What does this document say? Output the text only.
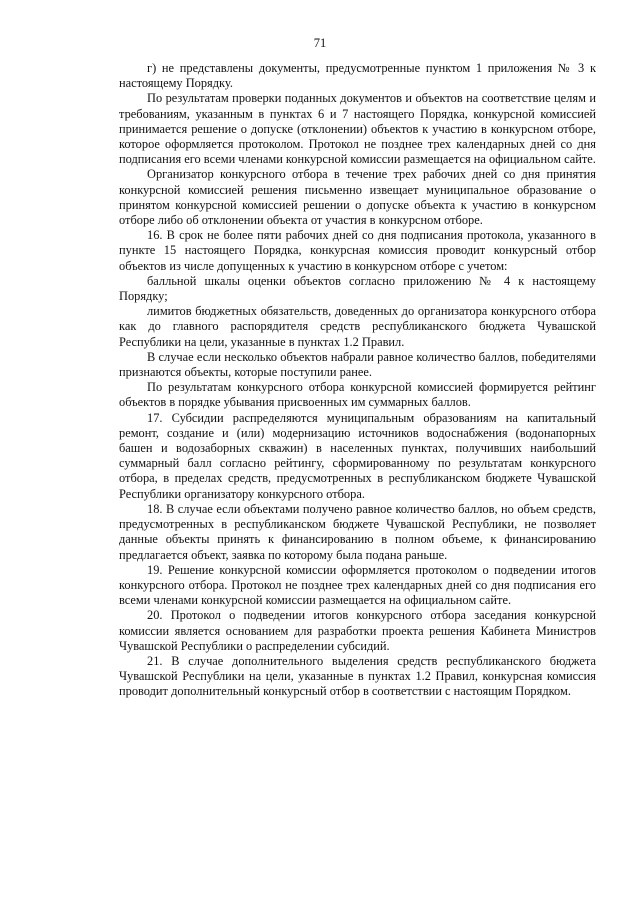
71

г) не представлены документы, предусмотренные пунктом 1 приложения № 3 к настоящему Порядку.

По результатам проверки поданных документов и объектов на соответствие целям и требованиям, указанным в пунктах 6 и 7 настоящего Порядка, конкурсной комиссией принимается решение о допуске (отклонении) объектов к участию в конкурсном отборе, которое оформляется протоколом. Протокол не позднее трех календарных дней со дня подписания его всеми членами конкурсной комиссии размещается на официальном сайте.

Организатор конкурсного отбора в течение трех рабочих дней со дня принятия конкурсной комиссией решения письменно извещает муниципальное образование о принятом конкурсной комиссией решении о допуске объекта к участию в конкурсном отборе либо об отклонении объекта от участия в конкурсном отборе.

16. В срок не более пяти рабочих дней со дня подписания протокола, указанного в пункте 15 настоящего Порядка, конкурсная комиссия проводит конкурсный отбор объектов из числе допущенных к участию в конкурсном отборе с учетом:

балльной шкалы оценки объектов согласно приложению № 4 к настоящему Порядку;

лимитов бюджетных обязательств, доведенных до организатора конкурсного отбора как до главного распорядителя средств республиканского бюджета Чувашской Республики на цели, указанные в пунктах 1.2 Правил.

В случае если несколько объектов набрали равное количество баллов, победителями признаются объекты, которые поступили ранее.

По результатам конкурсного отбора конкурсной комиссией формируется рейтинг объектов в порядке убывания присвоенных им суммарных баллов.

17. Субсидии распределяются муниципальным образованиям на капитальный ремонт, создание и (или) модернизацию источников водоснабжения (водонапорных башен и водозаборных скважин) в населенных пунктах, получивших наибольший суммарный балл согласно рейтингу, сформированному по результатам конкурсного отбора, в пределах средств, предусмотренных в республиканском бюджете Чувашской Республики организатору конкурсного отбора.

18. В случае если объектами получено равное количество баллов, но объем средств, предусмотренных в республиканском бюджете Чувашской Республики, не позволяет данные объекты принять к финансированию в полном объеме, к финансированию предлагается объект, заявка по которому была подана раньше.

19. Решение конкурсной комиссии оформляется протоколом о подведении итогов конкурсного отбора. Протокол не позднее трех календарных дней со дня подписания его всеми членами конкурсной комиссии размещается на официальном сайте.

20. Протокол о подведении итогов конкурсного отбора заседания конкурсной комиссии является основанием для разработки проекта решения Кабинета Министров Чувашской Республики о распределении субсидий.

21. В случае дополнительного выделения средств республиканского бюджета Чувашской Республики на цели, указанные в пунктах 1.2 Правил, конкурсная комиссия проводит дополнительный конкурсный отбор в соответствии с настоящим Порядком.
